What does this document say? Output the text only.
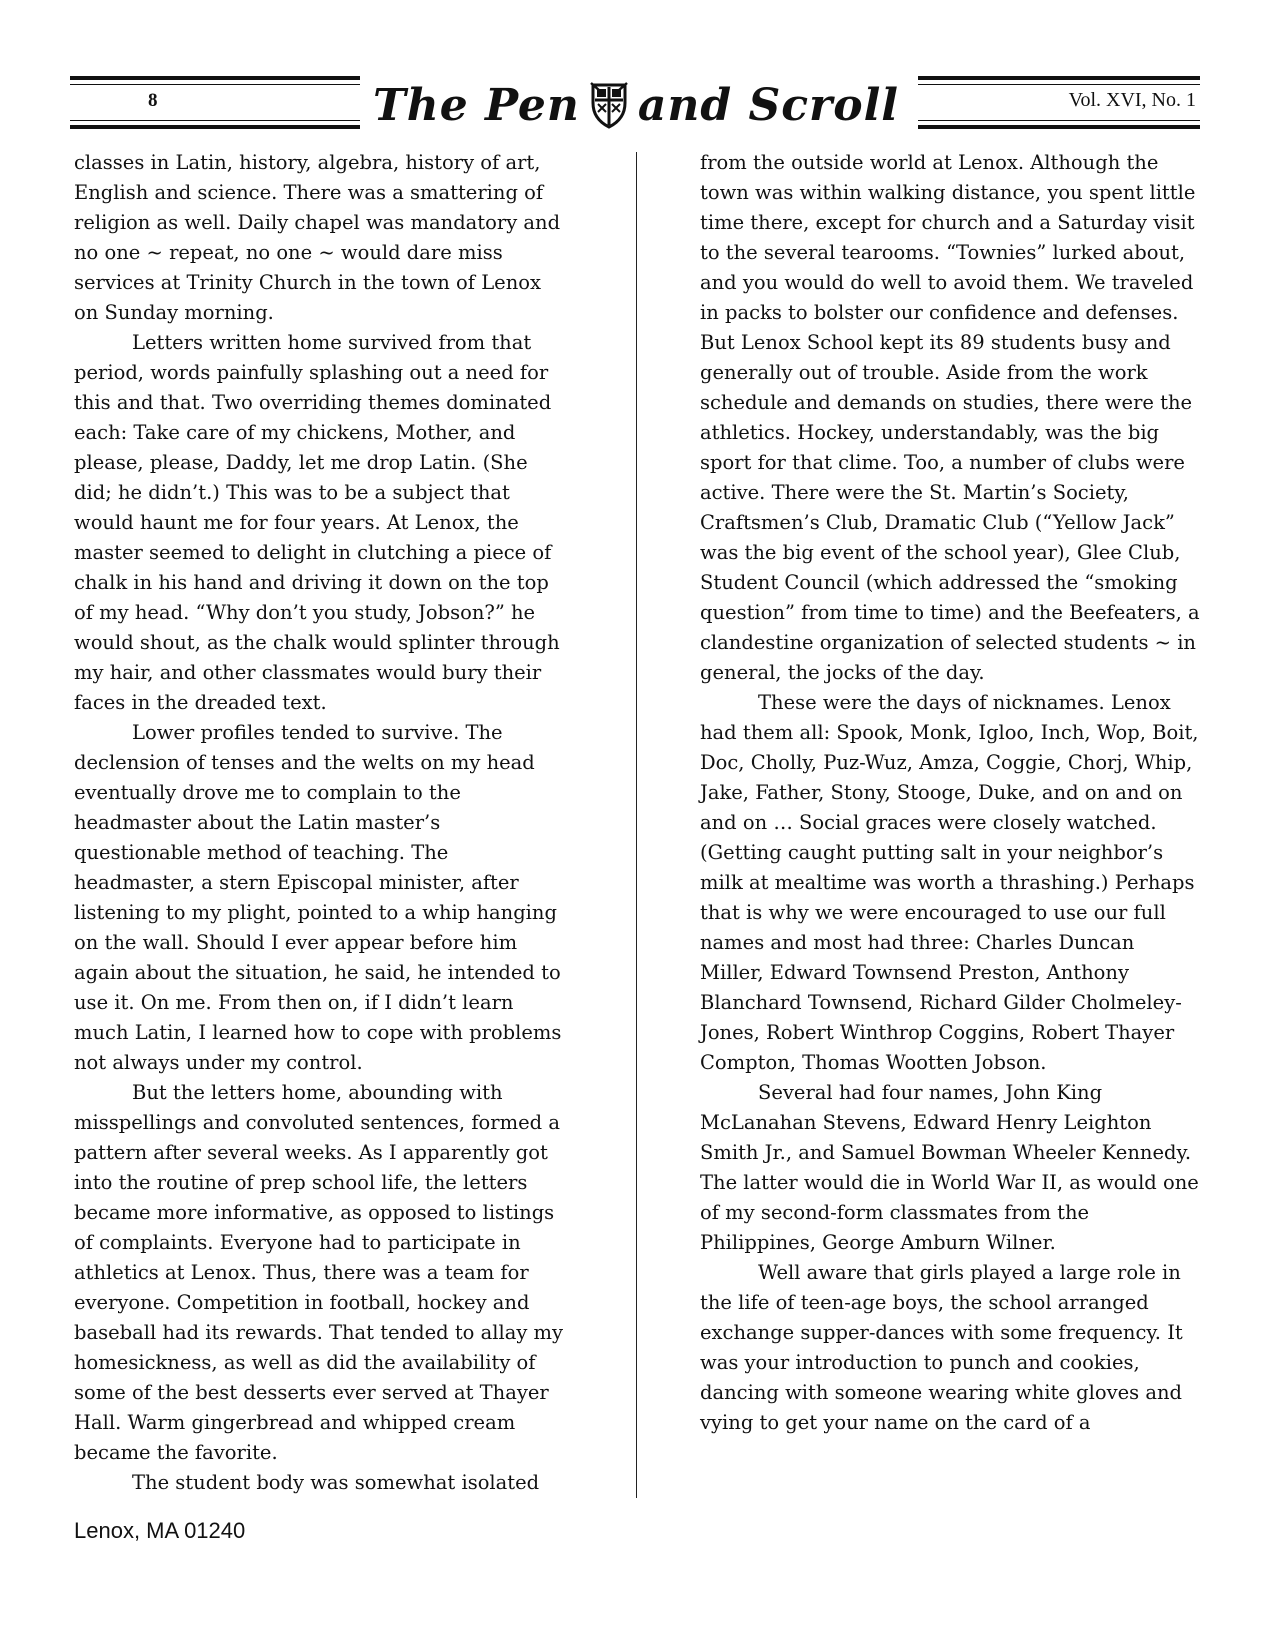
8	The Pen and Scroll	Vol. XVI, No. 1

classes in Latin, history, algebra, history of art, English and science. There was a smattering of religion as well. Daily chapel was mandatory and no one ~ repeat, no one ~ would dare miss services at Trinity Church in the town of Lenox on Sunday morning.

Letters written home survived from that period, words painfully splashing out a need for this and that. Two overriding themes dominated each: Take care of my chickens, Mother, and please, please, Daddy, let me drop Latin. (She did; he didn’t.) This was to be a subject that would haunt me for four years. At Lenox, the master seemed to delight in clutching a piece of chalk in his hand and driving it down on the top of my head. “Why don’t you study, Jobson?” he would shout, as the chalk would splinter through my hair, and other classmates would bury their faces in the dreaded text.

Lower profiles tended to survive. The declension of tenses and the welts on my head eventually drove me to complain to the headmaster about the Latin master’s questionable method of teaching. The headmaster, a stern Episcopal minister, after listening to my plight, pointed to a whip hanging on the wall. Should I ever appear before him again about the situation, he said, he intended to use it. On me. From then on, if I didn’t learn much Latin, I learned how to cope with problems not always under my control.

But the letters home, abounding with misspellings and convoluted sentences, formed a pattern after several weeks. As I apparently got into the routine of prep school life, the letters became more informative, as opposed to listings of complaints. Everyone had to participate in athletics at Lenox. Thus, there was a team for everyone. Competition in football, hockey and baseball had its rewards. That tended to allay my homesickness, as well as did the availability of some of the best desserts ever served at Thayer Hall. Warm gingerbread and whipped cream became the favorite.

The student body was somewhat isolated

from the outside world at Lenox. Although the town was within walking distance, you spent little time there, except for church and a Saturday visit to the several tearooms. “Townies” lurked about, and you would do well to avoid them. We traveled in packs to bolster our confidence and defenses. But Lenox School kept its 89 students busy and generally out of trouble. Aside from the work schedule and demands on studies, there were the athletics. Hockey, understandably, was the big sport for that clime. Too, a number of clubs were active. There were the St. Martin’s Society, Craftsmen’s Club, Dramatic Club (“Yellow Jack” was the big event of the school year), Glee Club, Student Council (which addressed the “smoking question” from time to time) and the Beefeaters, a clandestine organization of selected students ~ in general, the jocks of the day.

These were the days of nicknames. Lenox had them all: Spook, Monk, Igloo, Inch, Wop, Boit, Doc, Cholly, Puz-Wuz, Amza, Coggie, Chorj, Whip, Jake, Father, Stony, Stooge, Duke, and on and on and on … Social graces were closely watched. (Getting caught putting salt in your neighbor’s milk at mealtime was worth a thrashing.) Perhaps that is why we were encouraged to use our full names and most had three: Charles Duncan Miller, Edward Townsend Preston, Anthony Blanchard Townsend, Richard Gilder Cholmeley-Jones, Robert Winthrop Coggins, Robert Thayer Compton, Thomas Wootten Jobson.

Several had four names, John King McLanahan Stevens, Edward Henry Leighton Smith Jr., and Samuel Bowman Wheeler Kennedy. The latter would die in World War II, as would one of my second-form classmates from the Philippines, George Amburn Wilner.

Well aware that girls played a large role in the life of teen-age boys, the school arranged exchange supper-dances with some frequency. It was your introduction to punch and cookies, dancing with someone wearing white gloves and vying to get your name on the card of a

Lenox, MA 01240
